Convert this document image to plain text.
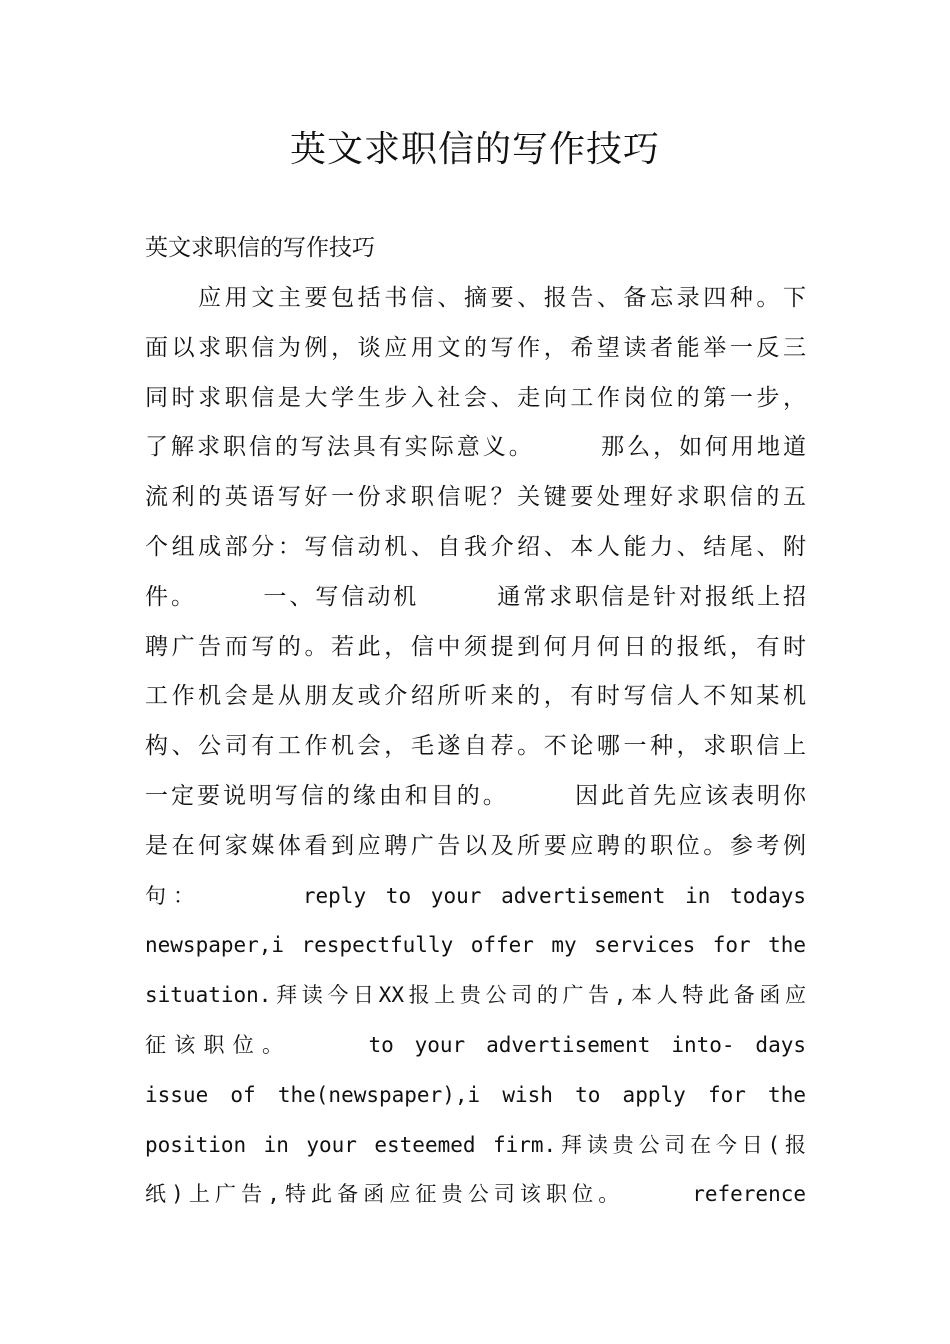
英文求职信的写作技巧
英文求职信的写作技巧
　　应用文主要包括书信、摘要、报告、备忘录四种。下
面以求职信为例，谈应用文的写作，希望读者能举一反三
同时求职信是大学生步入社会、走向工作岗位的第一步，
了解求职信的写法具有实际意义。　　　那么，如何用地道
流利的英语写好一份求职信呢？关键要处理好求职信的五
个组成部分：写信动机、自我介绍、本人能力、结尾、附
件。　　　一、写信动机　　　通常求职信是针对报纸上招
聘广告而写的。若此，信中须提到何月何日的报纸，有时
工作机会是从朋友或介绍所听来的，有时写信人不知某机
构、公司有工作机会，毛遂自荐。不论哪一种，求职信上
一定要说明写信的缘由和目的。　　　因此首先应该表明你
是在何家媒体看到应聘广告以及所要应聘的职位。参考例
句：　　　　reply to your advertisement in todays
newspaper,i respectfully offer my services for the
situation.拜读今日XX报上贵公司的广告,本人特此备函应
征该职位。　　　to your advertisement into- days
issue of the(newspaper),i wish to apply for the
position in your esteemed firm.拜读贵公司在今日(报
纸)上广告,特此备函应征贵公司该职位。　　　reference
